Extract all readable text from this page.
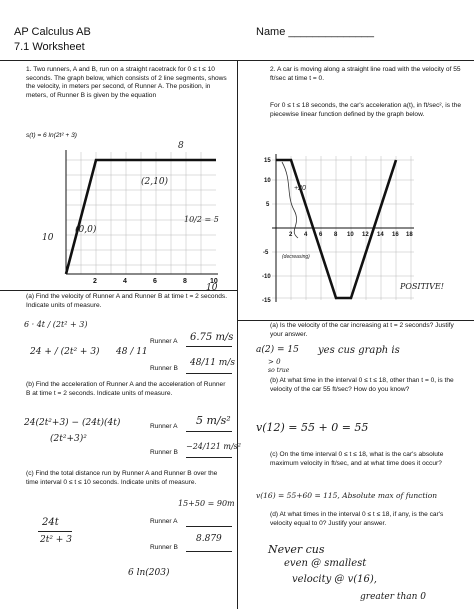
AP Calculus AB
7.1 Worksheet
Name ______________
1. Two runners, A and B, run on a straight racetrack for 0 ≤ t ≤ 10 seconds. The graph below, which consists of 2 line segments, shows the velocity, in meters per second, of Runner A. The position, in meters, of Runner B is given by the equation
s(t) = 6 ln(2t² + 3)
2	4	6	8	10
8
(2,10)
(0,0)
10
10/2 = 5
10
(a) Find the velocity of Runner A and Runner B at time t = 2 seconds. Indicate units of measure.
6 · 4t / (2t² + 3)
24 + / (2t² + 3) 48 / 11
Runner A 6.75 m/s
Runner B
48/11 m/s
(b) Find the acceleration of Runner A and the acceleration of Runner B at time t = 2 seconds. Indicate units of measure.
24(2t²+3) − (24t)(4t)
(2t²+3)²
Runner A 5 m/s²
Runner B
−24/121 m/s²
(c) Find the total distance run by Runner A and Runner B over the time interval 0 ≤ t ≤ 10 seconds. Indicate units of measure.
24t
2t² + 3
Runner A
15+50 = 90m
Runner B
8.879
6 ln(203)
2. A car is moving along a straight line road with the velocity of 55 ft/sec at time t = 0.
For 0 ≤ t ≤ 18 seconds, the car's acceleration a(t), in ft/sec², is the piecewise linear function defined by the graph below.
15
10
5
-5
-10
-15
2 4 6 8 10 12 14 16 18
+20
(decreasing)
POSITIVE!
(a) Is the velocity of the car increasing at t = 2 seconds? Justify your answer.
a(2) = 15
> 0
so true
yes cus graph is
(b) At what time in the interval 0 ≤ t ≤ 18, other than t = 0, is the velocity of the car 55 ft/sec? How do you know?
v(12) = 55 + 0 = 55
(c) On the time interval 0 ≤ t ≤ 18, what is the car's absolute maximum velocity in ft/sec, and at what time does it occur?
v(16) = 55+60 = 115, Absolute max of function
(d) At what times in the interval 0 ≤ t ≤ 18, if any, is the car's velocity equal to 0? Justify your answer.
Never cus
even @ smallest
velocity @ v(16),
greater than 0
